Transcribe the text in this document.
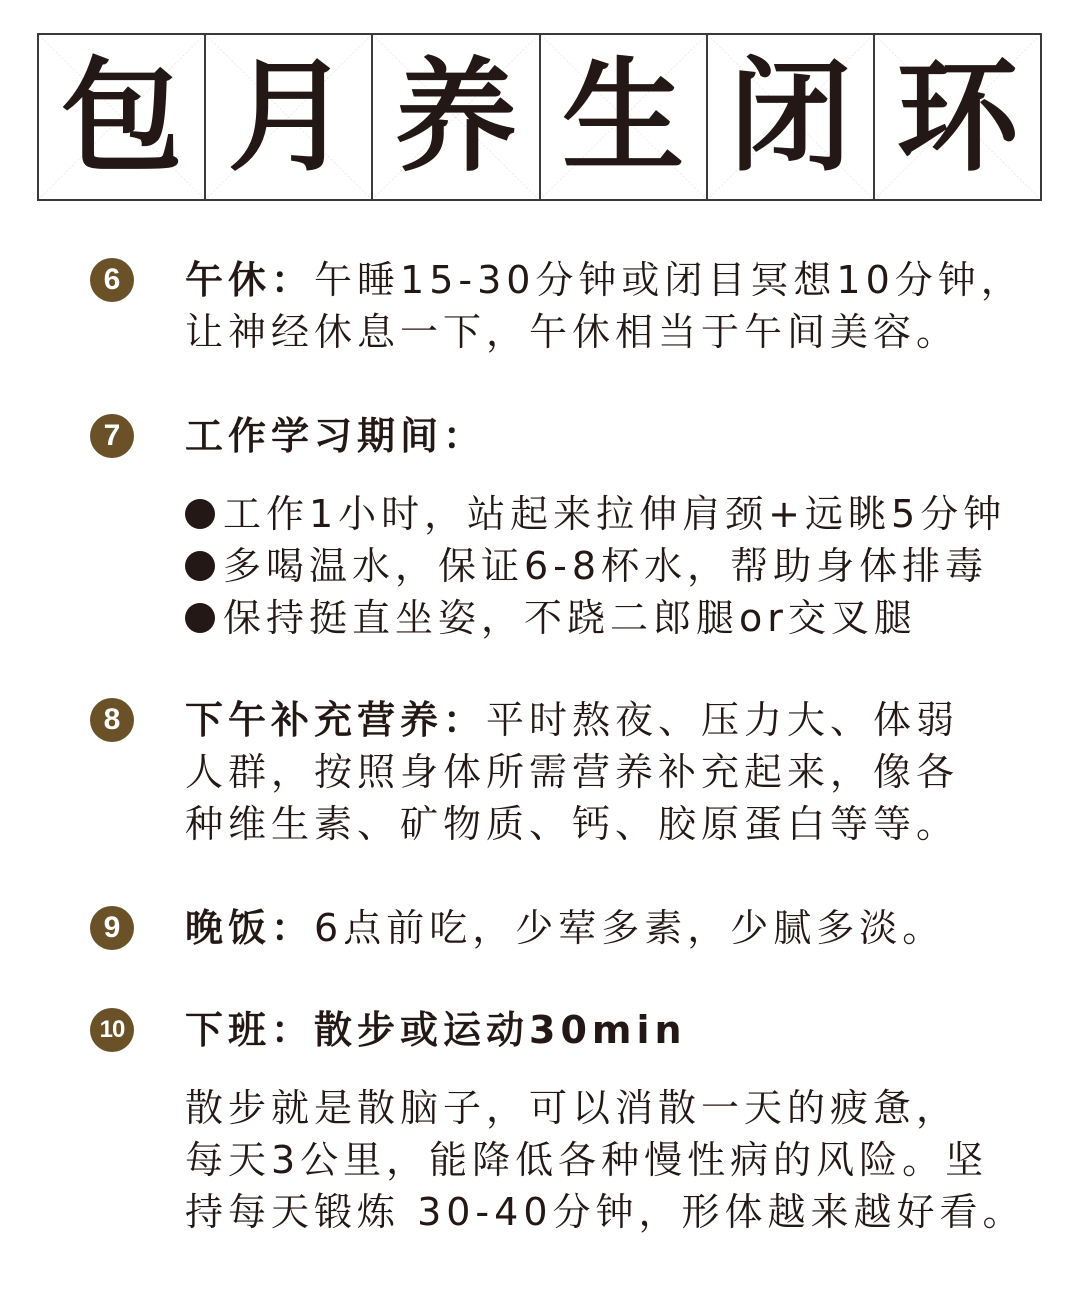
包 月 养 生 闭 环
6	午休：午睡15-30分钟或闭目冥想10分钟，
让神经休息一下，午休相当于午间美容。
7	工作学习期间：
工作1小时，站起来拉伸肩颈+远眺5分钟
多喝温水，保证6-8杯水，帮助身体排毒
保持挺直坐姿，不跷二郎腿or交叉腿
8	下午补充营养：平时熬夜、压力大、体弱
人群，按照身体所需营养补充起来，像各
种维生素、矿物质、钙、胶原蛋白等等。
9	晚饭：6点前吃，少荤多素，少腻多淡。
10 下班：散步或运动30min
散步就是散脑子，可以消散一天的疲惫，
每天3公里，能降低各种慢性病的风险。坚
持每天锻炼 30-40分钟，形体越来越好看。
